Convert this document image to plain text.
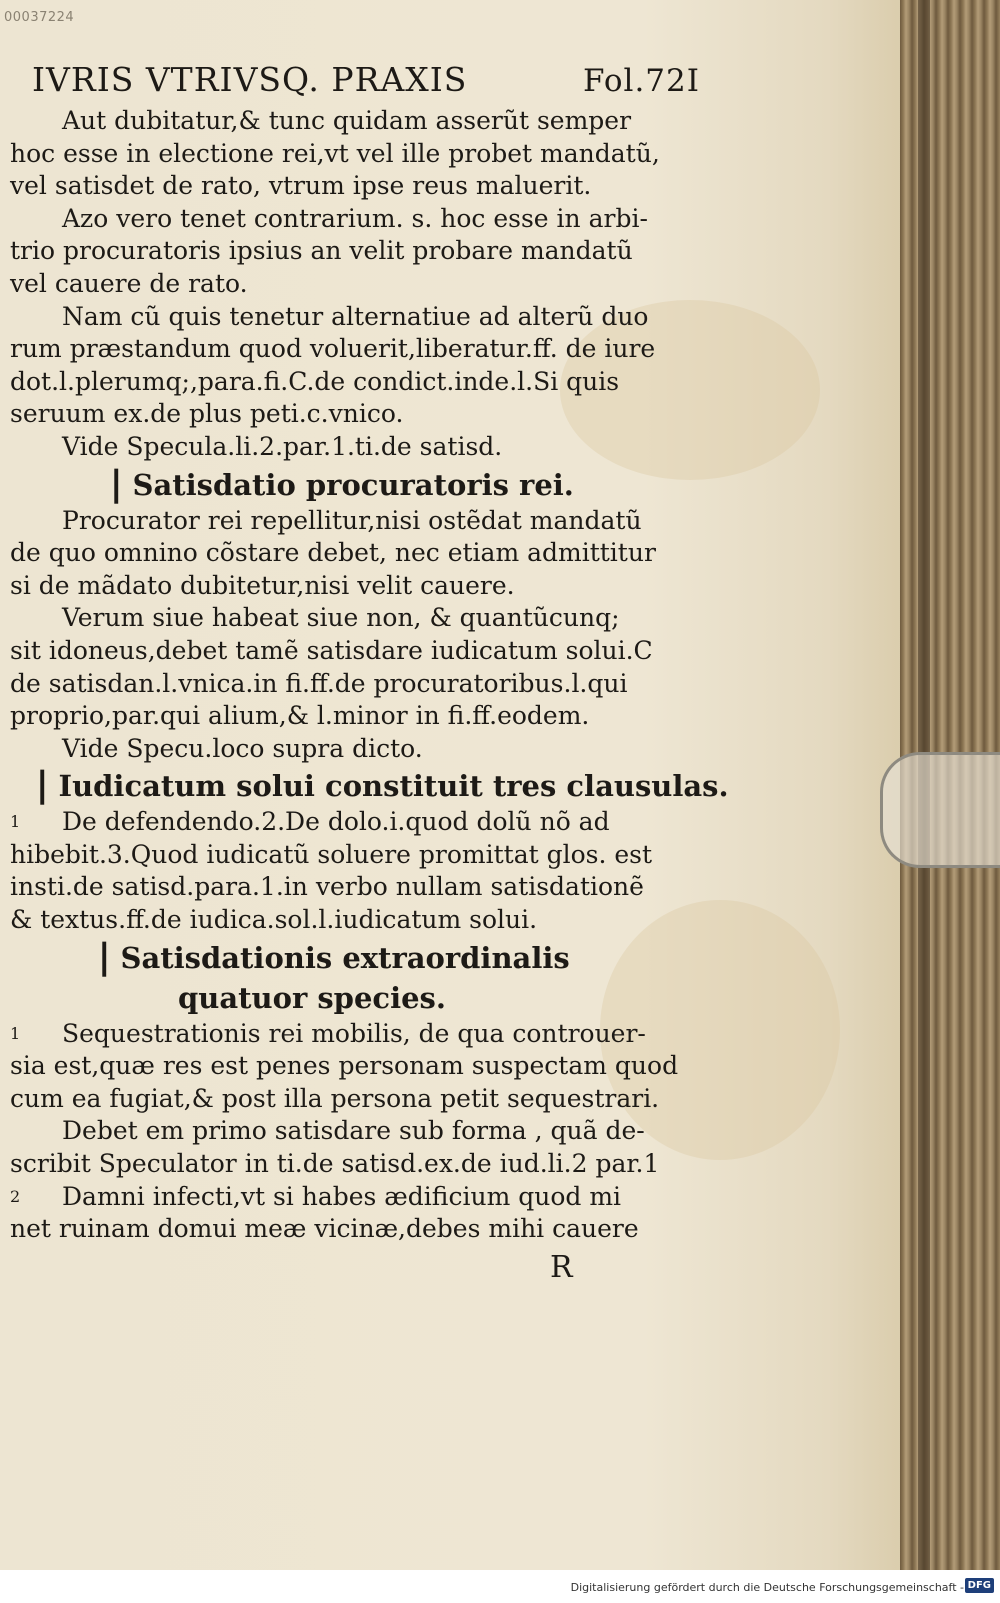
00037224
IVRIS VTRIVSQ. PRAXIS	Fol.72I
Aut dubitatur,& tunc quidam asserũt semper
hoc esse in electione rei,vt vel ille probet mandatũ,
vel satisdet de rato, vtrum ipse reus maluerit.
Azo vero tenet contrarium. s. hoc esse in arbi-
trio procuratoris ipsius an velit probare mandatũ
vel cauere de rato.
Nam cũ quis tenetur alternatiue ad alterũ duo
rum præstandum quod voluerit,liberatur.ff. de iure
dot.l.plerumq;,para.fi.C.de condict.inde.l.Si quis
seruum ex.de plus peti.c.vnico.
Vide Specula.li.2.par.1.ti.de satisd.
❘Satisdatio procuratoris rei.
Procurator rei repellitur,nisi ostẽdat mandatũ
de quo omnino cõstare debet, nec etiam admittitur
si de mãdato dubitetur,nisi velit cauere.
Verum siue habeat siue non, & quantũcunq;
sit idoneus,debet tamẽ satisdare iudicatum solui.C
de satisdan.l.vnica.in fi.ff.de procuratoribus.l.qui
proprio,par.qui alium,& l.minor in fi.ff.eodem.
Vide Specu.loco supra dicto.
❘Iudicatum solui constituit tres clausulas.
1 De defendendo.2.De dolo.i.quod dolũ nõ ad
hibebit.3.Quod iudicatũ soluere promittat glos. est
insti.de satisd.para.1.in verbo nullam satisdationẽ
& textus.ff.de iudica.sol.l.iudicatum solui.
❘Satisdationis extraordinalis
quatuor species.
1 Sequestrationis rei mobilis, de qua controuer-
sia est,quæ res est penes personam suspectam quod
cum ea fugiat,& post illa persona petit sequestrari.
Debet em primo satisdare sub forma , quã de-
scribit Speculator in ti.de satisd.ex.de iud.li.2 par.1
2 Damni infecti,vt si habes ædificium quod mi
net ruinam domui meæ vicinæ,debes mihi cauere
R
Digitalisierung gefördert durch die Deutsche Forschungsgemeinschaft - DFG
